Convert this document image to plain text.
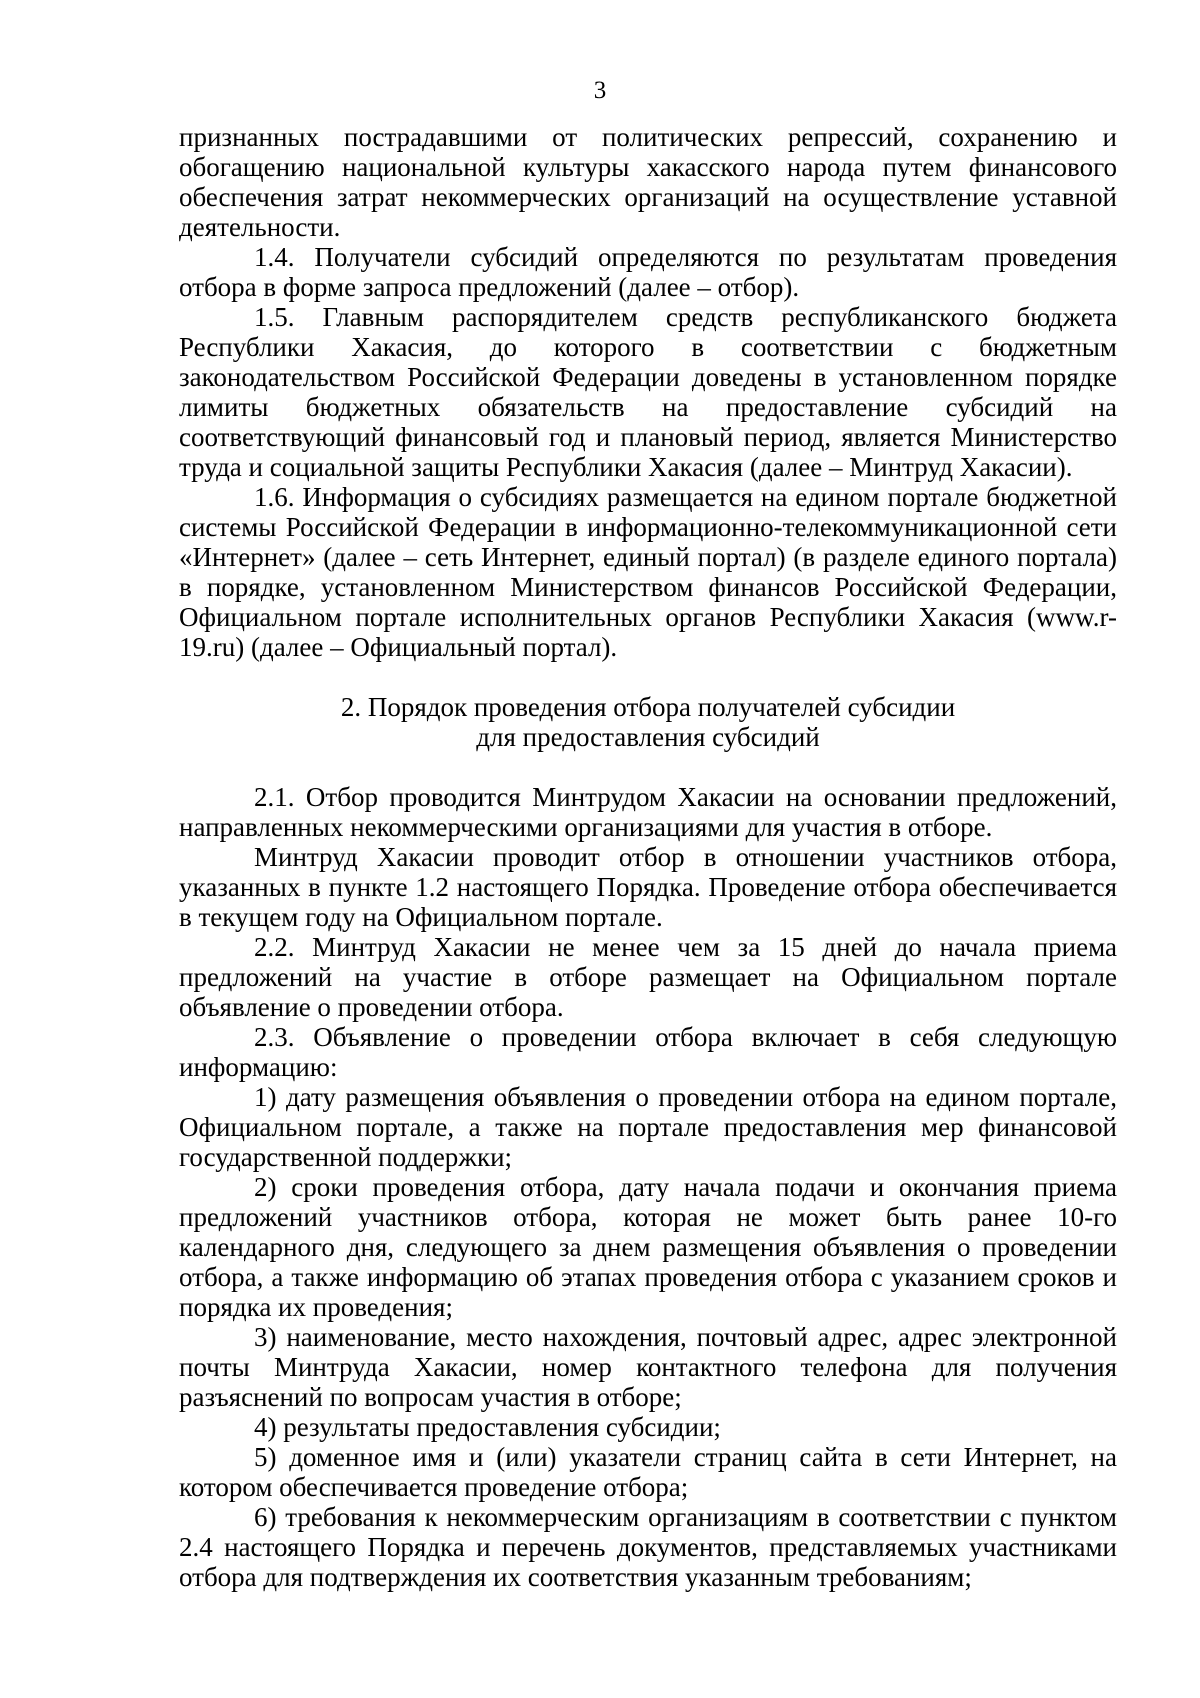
3

признанных пострадавшими от политических репрессий, сохранению и обогащению национальной культуры хакасского народа путем финансового обеспечения затрат некоммерческих организаций на осуществление уставной деятельности.

1.4. Получатели субсидий определяются по результатам проведения отбора в форме запроса предложений (далее – отбор).

1.5. Главным распорядителем средств республиканского бюджета Республики Хакасия, до которого в соответствии с бюджетным законодательством Российской Федерации доведены в установленном порядке лимиты бюджетных обязательств на предоставление субсидий на соответствующий финансовый год и плановый период, является Министерство труда и социальной защиты Республики Хакасия (далее – Минтруд Хакасии).

1.6. Информация о субсидиях размещается на едином портале бюджетной системы Российской Федерации в информационно-телекоммуникационной сети «Интернет» (далее – сеть Интернет, единый портал) (в разделе единого портала) в порядке, установленном Министерством финансов Российской Федерации, Официальном портале исполнительных органов Республики Хакасия (www.r-19.ru) (далее – Официальный портал).

2. Порядок проведения отбора получателей субсидии
для предоставления субсидий

2.1. Отбор проводится Минтрудом Хакасии на основании предложений, направленных некоммерческими организациями для участия в отборе.

Минтруд Хакасии проводит отбор в отношении участников отбора, указанных в пункте 1.2 настоящего Порядка. Проведение отбора обеспечивается в текущем году на Официальном портале.

2.2. Минтруд Хакасии не менее чем за 15 дней до начала приема предложений на участие в отборе размещает на Официальном портале объявление о проведении отбора.

2.3. Объявление о проведении отбора включает в себя следующую информацию:

1) дату размещения объявления о проведении отбора на едином портале, Официальном портале, а также на портале предоставления мер финансовой государственной поддержки;

2) сроки проведения отбора, дату начала подачи и окончания приема предложений участников отбора, которая не может быть ранее 10-го календарного дня, следующего за днем размещения объявления о проведении отбора, а также информацию об этапах проведения отбора с указанием сроков и порядка их проведения;

3) наименование, место нахождения, почтовый адрес, адрес электронной почты Минтруда Хакасии, номер контактного телефона для получения разъяснений по вопросам участия в отборе;

4) результаты предоставления субсидии;

5) доменное имя и (или) указатели страниц сайта в сети Интернет, на котором обеспечивается проведение отбора;

6) требования к некоммерческим организациям в соответствии с пунктом 2.4 настоящего Порядка и перечень документов, представляемых участниками отбора для подтверждения их соответствия указанным требованиям;
